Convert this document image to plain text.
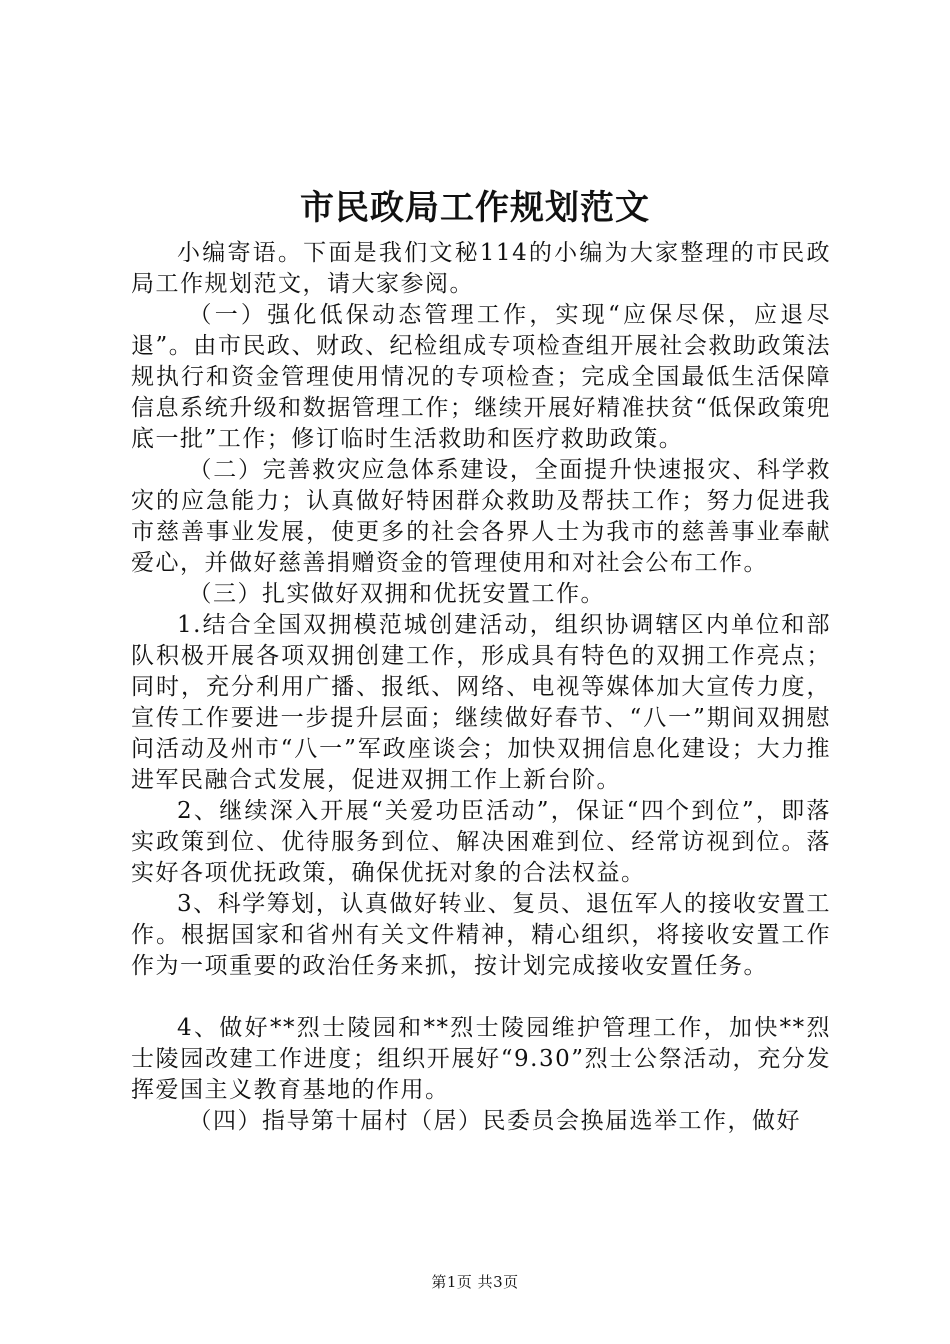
市民政局工作规划范文

小编寄语。下面是我们文秘114的小编为大家整理的市民政局工作规划范文，请大家参阅。

（一）强化低保动态管理工作，实现“应保尽保，应退尽退”。由市民政、财政、纪检组成专项检查组开展社会救助政策法规执行和资金管理使用情况的专项检查；完成全国最低生活保障信息系统升级和数据管理工作；继续开展好精准扶贫“低保政策兜底一批”工作；修订临时生活救助和医疗救助政策。

（二）完善救灾应急体系建设，全面提升快速报灾、科学救灾的应急能力；认真做好特困群众救助及帮扶工作；努力促进我市慈善事业发展，使更多的社会各界人士为我市的慈善事业奉献爱心，并做好慈善捐赠资金的管理使用和对社会公布工作。

（三）扎实做好双拥和优抚安置工作。

1.结合全国双拥模范城创建活动，组织协调辖区内单位和部队积极开展各项双拥创建工作，形成具有特色的双拥工作亮点；同时，充分利用广播、报纸、网络、电视等媒体加大宣传力度，宣传工作要进一步提升层面；继续做好春节、“八一”期间双拥慰问活动及州市“八一”军政座谈会；加快双拥信息化建设；大力推进军民融合式发展，促进双拥工作上新台阶。

2、继续深入开展“关爱功臣活动”，保证“四个到位”，即落实政策到位、优待服务到位、解决困难到位、经常访视到位。落实好各项优抚政策，确保优抚对象的合法权益。

3、科学筹划，认真做好转业、复员、退伍军人的接收安置工作。根据国家和省州有关文件精神，精心组织，将接收安置工作作为一项重要的政治任务来抓，按计划完成接收安置任务。

4、做好**烈士陵园和**烈士陵园维护管理工作，加快**烈士陵园改建工作进度；组织开展好“9.30”烈士公祭活动，充分发挥爱国主义教育基地的作用。

（四）指导第十届村（居）民委员会换届选举工作，做好

第1页 共3页
